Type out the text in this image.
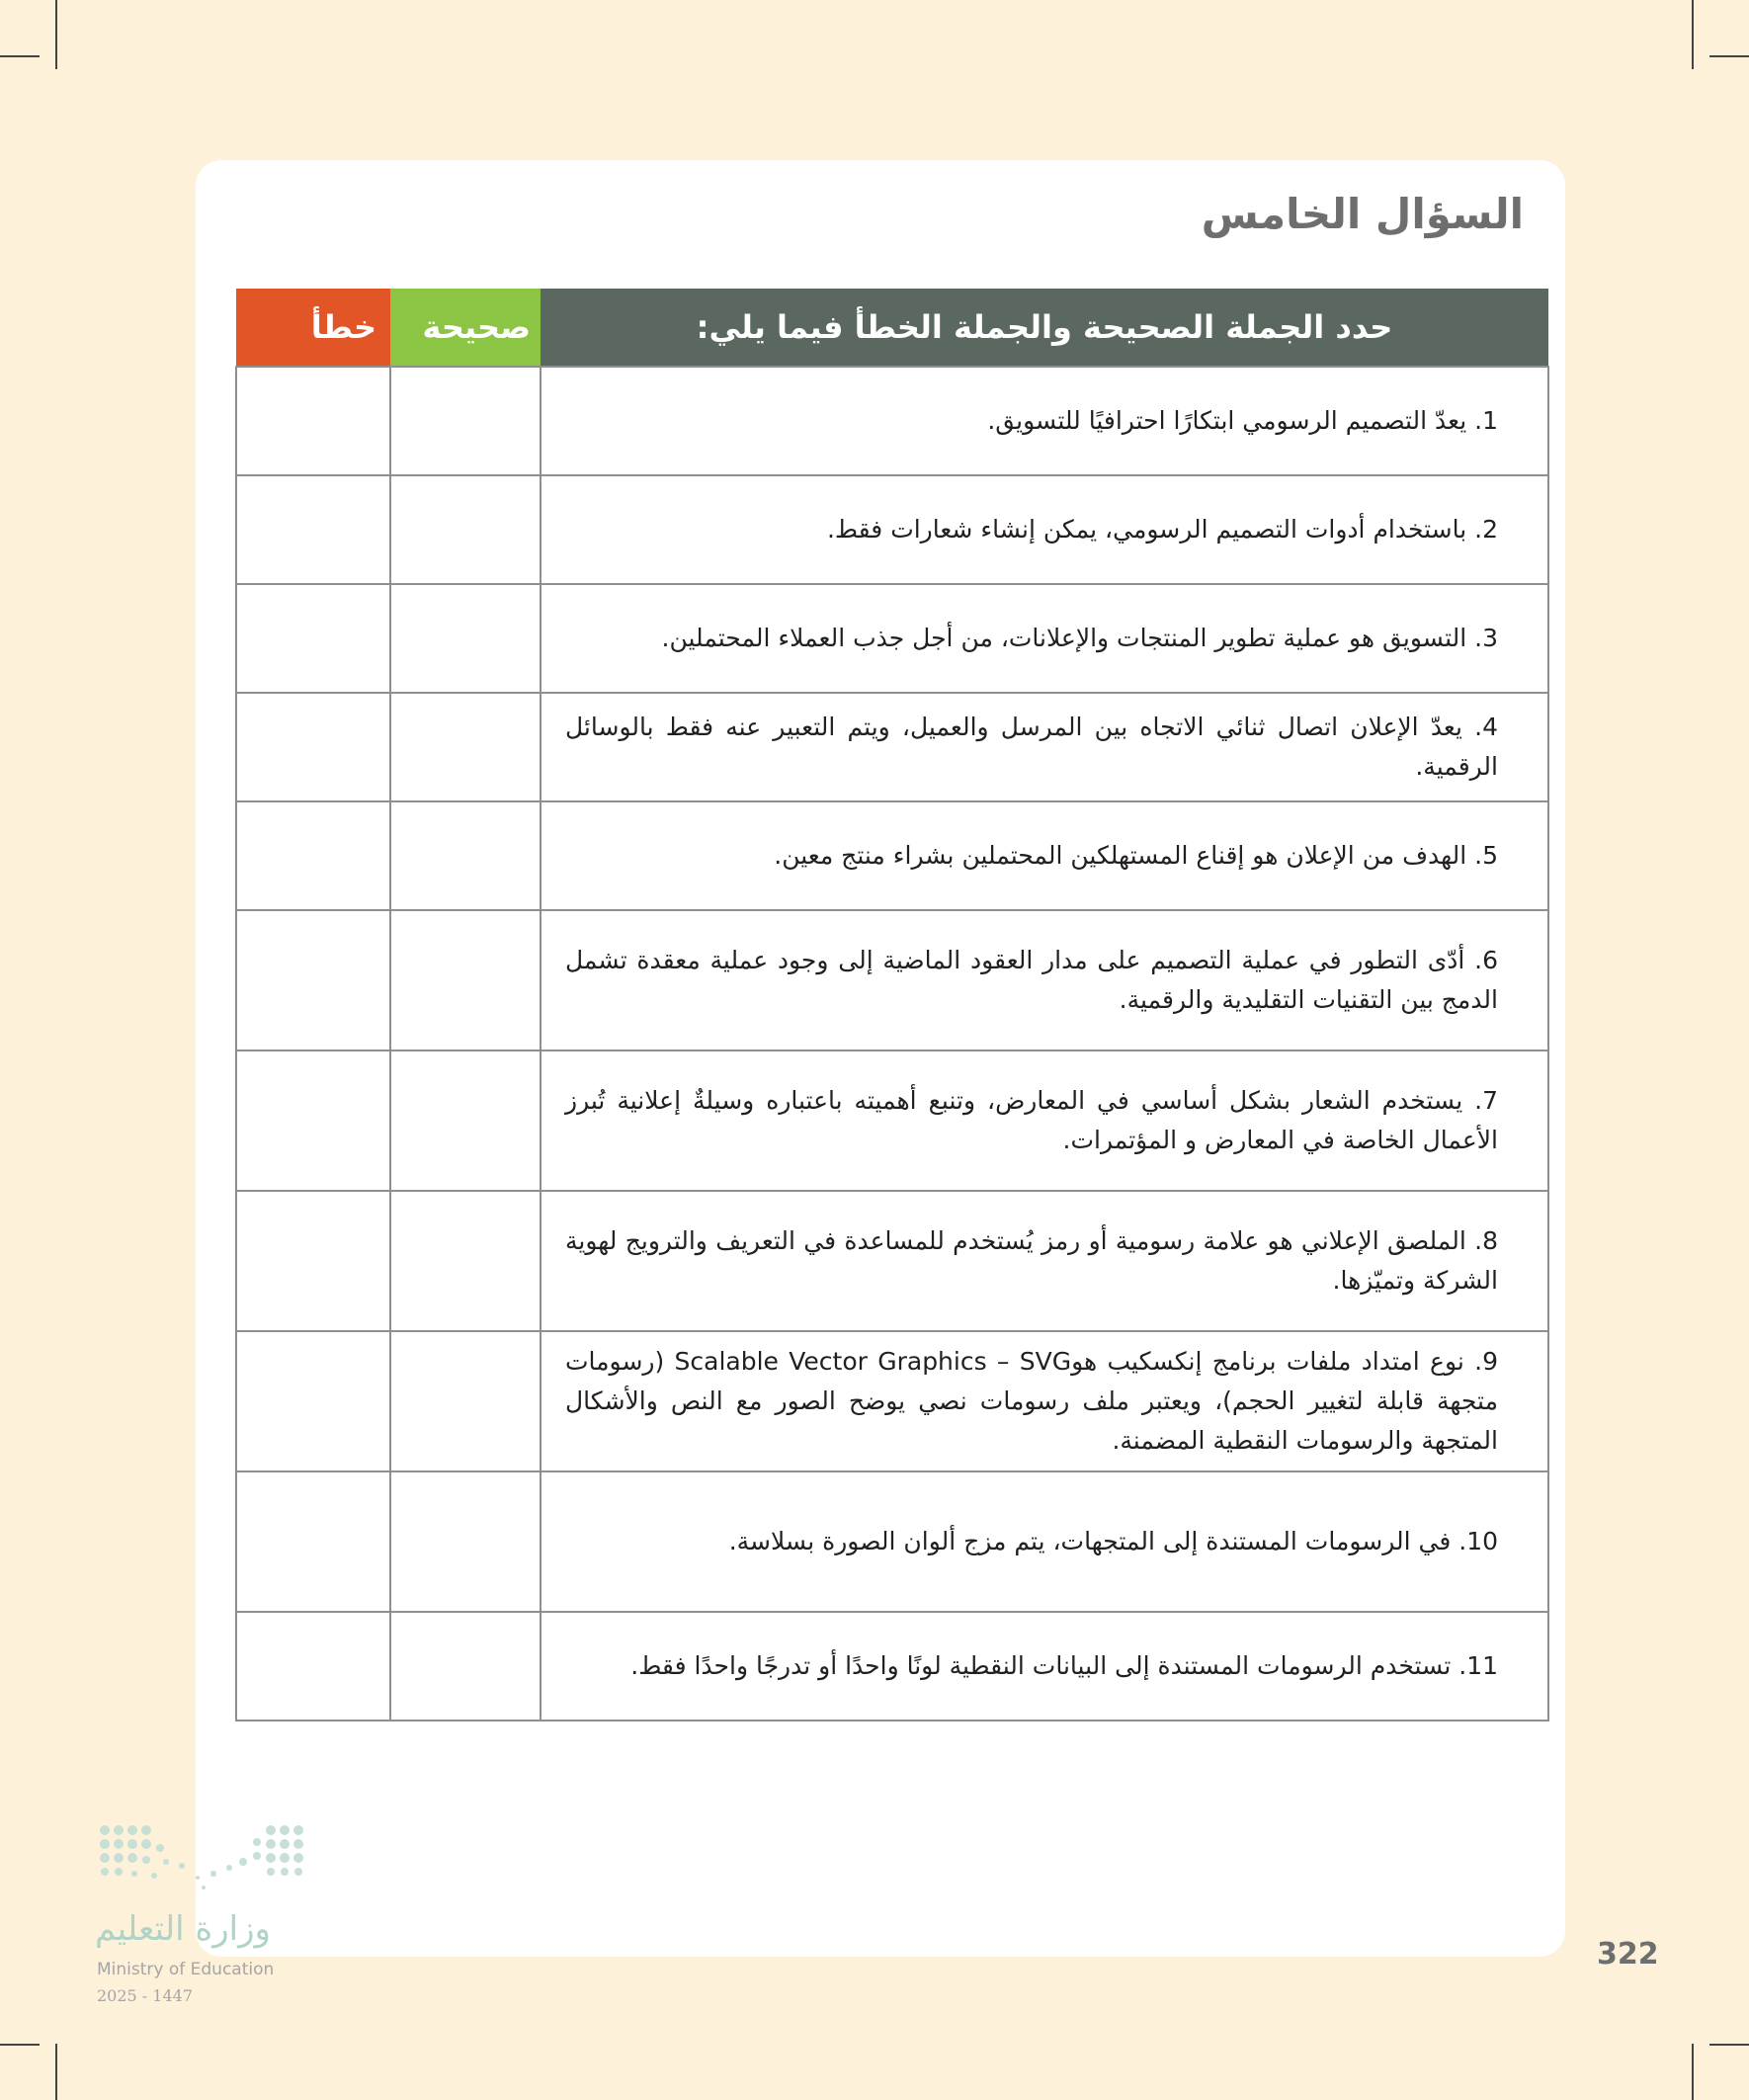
السؤال الخامس
حدد الجملة الصحيحة والجملة الخطأ فيما يلي:	صحيحة	خطأ
1. يعدّ التصميم الرسومي ابتكارًا احترافيًا للتسويق.		
2. باستخدام أدوات التصميم الرسومي، يمكن إنشاء شعارات فقط.		
3. التسويق هو عملية تطوير المنتجات والإعلانات، من أجل جذب العملاء المحتملين.		
4. يعدّ الإعلان اتصال ثنائي الاتجاه بين المرسل والعميل، ويتم التعبير عنه فقط بالوسائل الرقمية.		
5. الهدف من الإعلان هو إقناع المستهلكين المحتملين بشراء منتج معين.		
6. أدّى التطور في عملية التصميم على مدار العقود الماضية إلى وجود عملية معقدة تشمل الدمج بين التقنيات التقليدية والرقمية.		
7. يستخدم الشعار بشكل أساسي في المعارض، وتنبع أهميته باعتباره وسيلةٌ إعلانية تُبرز الأعمال الخاصة في المعارض و المؤتمرات.		
8. الملصق الإعلاني هو علامة رسومية أو رمز يُستخدم للمساعدة في التعريف والترويج لهوية الشركة وتميّزها.		
9. نوع امتداد ملفات برنامج إنكسكيب هوScalable Vector Graphics – SVG (رسومات متجهة قابلة لتغيير الحجم)، ويعتبر ملف رسومات نصي يوضح الصور مع النص والأشكال المتجهة والرسومات النقطية المضمنة.		
10. في الرسومات المستندة إلى المتجهات، يتم مزج ألوان الصورة بسلاسة.		
11. تستخدم الرسومات المستندة إلى البيانات النقطية لونًا واحدًا أو تدرجًا واحدًا فقط.		

وزارة التعليم

Ministry of Education

2025 - 1447

322
